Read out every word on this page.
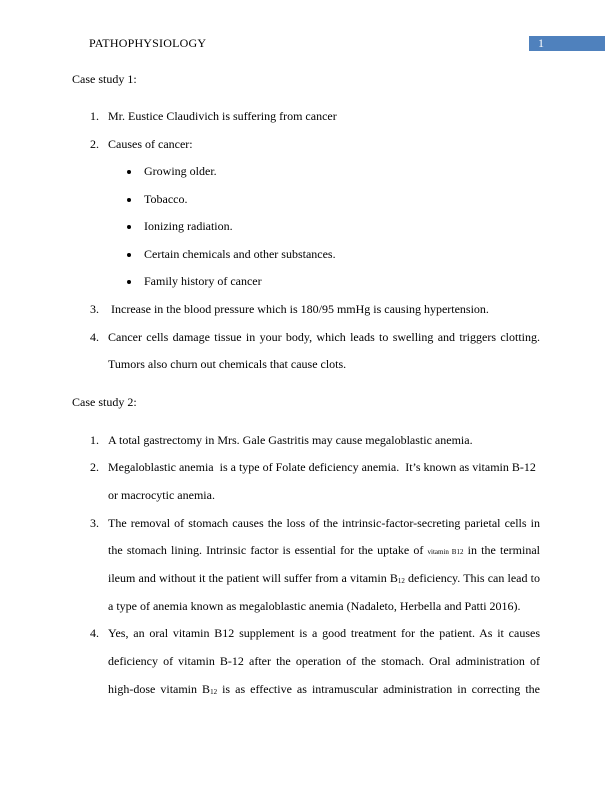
PATHOPHYSIOLOGY	1
Case study 1:
1. Mr. Eustice Claudivich is suffering from cancer
2. Causes of cancer:
Growing older.
Tobacco.
Ionizing radiation.
Certain chemicals and other substances.
Family history of cancer
3. Increase in the blood pressure which is 180/95 mmHg is causing hypertension.
4. Cancer cells damage tissue in your body, which leads to swelling and triggers clotting.
Tumors also churn out chemicals that cause clots.
Case study 2:
1. A total gastrectomy in Mrs. Gale Gastritis may cause megaloblastic anemia.
2. Megaloblastic anemia  is a type of Folate deficiency anemia.  It’s known as vitamin B-12
or macrocytic anemia.
3. The removal of stomach causes the loss of the intrinsic-factor-secreting parietal cells in
the stomach lining. Intrinsic factor is essential for the uptake of vitamin B12 in the terminal
ileum and without it the patient will suffer from a vitamin B12 deficiency. This can lead to
a type of anemia known as megaloblastic anemia (Nadaleto, Herbella and Patti 2016).
4. Yes, an oral vitamin B12 supplement is a good treatment for the patient. As it causes
deficiency of vitamin B-12 after the operation of the stomach. Oral administration of
high-dose vitamin B12 is as effective as intramuscular administration in correcting the
